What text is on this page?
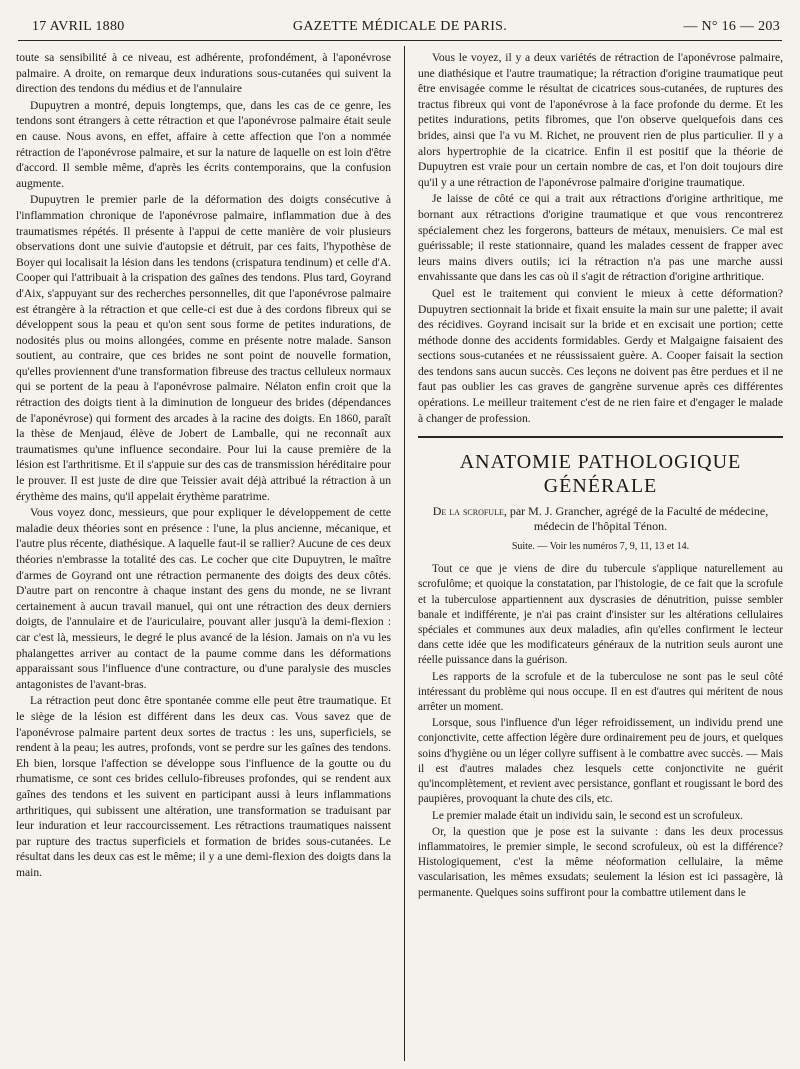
17 AVRIL 1880	GAZETTE MÉDICALE DE PARIS.	— N° 16 — 203

toute sa sensibilité à ce niveau, est adhérente, profondément, à l'aponévrose palmaire. A droite, on remarque deux indurations sous-cutanées qui suivent la direction des tendons du médius et de l'annulaire

Dupuytren a montré, depuis longtemps, que, dans les cas de ce genre, les tendons sont étrangers à cette rétraction et que l'aponévrose palmaire était seule en cause. Nous avons, en effet, affaire à cette affection que l'on a nommée rétraction de l'aponévrose palmaire, et sur la nature de laquelle on est loin d'être d'accord. Il semble même, d'après les écrits contemporains, que la confusion augmente.

Dupuytren le premier parle de la déformation des doigts consécutive à l'inflammation chronique de l'aponévrose palmaire, inflammation due à des traumatismes répétés. Il présente à l'appui de cette manière de voir plusieurs observations dont une suivie d'autopsie et détruit, par ces faits, l'hypothèse de Boyer qui localisait la lésion dans les tendons (crispatura tendinum) et celle d'A. Cooper qui l'attribuait à la crispation des gaînes des tendons. Plus tard, Goyrand d'Aix, s'appuyant sur des recherches personnelles, dit que l'aponévrose palmaire est étrangère à la rétraction et que celle-ci est due à des cordons fibreux qui se développent sous la peau et qu'on sent sous forme de petites indurations, de nodosités plus ou moins allongées, comme en présente notre malade. Sanson soutient, au contraire, que ces brides ne sont point de nouvelle formation, qu'elles proviennent d'une transformation fibreuse des tractus celluleux normaux qui se portent de la peau à l'aponévrose palmaire. Nélaton enfin croit que la rétraction des doigts tient à la diminution de longueur des brides (dépendances de l'aponévrose) qui forment des arcades à la racine des doigts. En 1860, paraît la thèse de Menjaud, élève de Jobert de Lamballe, qui ne reconnaît aux traumatismes qu'une influence secondaire. Pour lui la cause première de la lésion est l'arthritisme. Et il s'appuie sur des cas de transmission héréditaire pour le prouver. Il est juste de dire que Teissier avait déjà attribué la rétraction à un érythème des mains, qu'il appelait érythème paratrime.

Vous voyez donc, messieurs, que pour expliquer le développement de cette maladie deux théories sont en présence : l'une, la plus ancienne, mécanique, et l'autre plus récente, diathésique. A laquelle faut-il se rallier? Aucune de ces deux théories n'embrasse la totalité des cas. Le cocher que cite Dupuytren, le maître d'armes de Goyrand ont une rétraction permanente des doigts des deux côtés. D'autre part on rencontre à chaque instant des gens du monde, ne se livrant certainement à aucun travail manuel, qui ont une rétraction des deux derniers doigts, de l'annulaire et de l'auriculaire, pouvant aller jusqu'à la demi-flexion : car c'est là, messieurs, le degré le plus avancé de la lésion. Jamais on n'a vu les phalangettes arriver au contact de la paume comme dans les déformations apparaissant sous l'influence d'une contracture, ou d'une paralysie des muscles antagonistes de l'avant-bras.

La rétraction peut donc être spontanée comme elle peut être traumatique. Et le siège de la lésion est différent dans les deux cas. Vous savez que de l'aponévrose palmaire partent deux sortes de tractus : les uns, superficiels, se rendent à la peau; les autres, profonds, vont se perdre sur les gaînes des tendons. Eh bien, lorsque l'affection se développe sous l'influence de la goutte ou du rhumatisme, ce sont ces brides cellulo-fibreuses profondes, qui se rendent aux gaînes des tendons et les suivent en participant aussi à leurs inflammations arthritiques, qui subissent une altération, une transformation se traduisant par leur induration et leur raccourcissement. Les rétractions traumatiques naissent par rupture des tractus superficiels et formation de brides sous-cutanées. Le résultat dans les deux cas est le même; il y a une demi-flexion des doigts dans la main.

Vous le voyez, il y a deux variétés de rétraction de l'aponévrose palmaire, une diathésique et l'autre traumatique; la rétraction d'origine traumatique peut être envisagée comme le résultat de cicatrices sous-cutanées, de ruptures des tractus fibreux qui vont de l'aponévrose à la face profonde du derme. Et les petites indurations, petits fibromes, que l'on observe quelquefois dans ces brides, ainsi que l'a vu M. Richet, ne prouvent rien de plus particulier. Il y a alors hypertrophie de la cicatrice. Enfin il est positif que la théorie de Dupuytren est vraie pour un certain nombre de cas, et l'on doit toujours dire qu'il y a une rétraction de l'aponévrose palmaire d'origine traumatique.

Je laisse de côté ce qui a trait aux rétractions d'origine arthritique, me bornant aux rétractions d'origine traumatique et que vous rencontrerez spécialement chez les forgerons, batteurs de métaux, menuisiers. Ce mal est guérissable; il reste stationnaire, quand les malades cessent de frapper avec leurs mains divers outils; ici la rétraction n'a pas une marche aussi envahissante que dans les cas où il s'agit de rétraction d'origine arthritique.

Quel est le traitement qui convient le mieux à cette déformation? Dupuytren sectionnait la bride et fixait ensuite la main sur une palette; il avait des récidives. Goyrand incisait sur la bride et en excisait une portion; cette méthode donne des accidents formidables. Gerdy et Malgaigne faisaient des sections sous-cutanées et ne réussissaient guère. A. Cooper faisait la section des tendons sans aucun succès. Ces leçons ne doivent pas être perdues et il ne faut pas oublier les cas graves de gangrène survenue après ces différentes opérations. Le meilleur traitement c'est de ne rien faire et d'engager le malade à changer de profession.

ANATOMIE PATHOLOGIQUE GÉNÉRALE
De la scrofule, par M. J. Grancher, agrégé de la Faculté de médecine, médecin de l'hôpital Ténon.
Suite. — Voir les numéros 7, 9, 11, 13 et 14.

Tout ce que je viens de dire du tubercule s'applique naturellement au scrofulôme; et quoique la constatation, par l'histologie, de ce fait que la scrofule et la tuberculose appartiennent aux dyscrasies de dénutrition, puisse sembler banale et indifférente, je n'ai pas craint d'insister sur les altérations cellulaires spéciales et communes aux deux maladies, afin qu'elles confirment le lecteur dans cette idée que les modificateurs généraux de la nutrition seuls auront une réelle puissance dans la guérison.

Les rapports de la scrofule et de la tuberculose ne sont pas le seul côté intéressant du problème qui nous occupe. Il en est d'autres qui méritent de nous arrêter un moment.

Lorsque, sous l'influence d'un léger refroidissement, un individu prend une conjonctivite, cette affection légère dure ordinairement peu de jours, et quelques soins d'hygiène ou un léger collyre suffisent à le combattre avec succès. — Mais il est d'autres malades chez lesquels cette conjonctivite ne guérit qu'incomplètement, et revient avec persistance, gonflant et rougissant le bord des paupières, provoquant la chute des cils, etc.

Le premier malade était un individu sain, le second est un scrofuleux.

Or, la question que je pose est la suivante : dans les deux processus inflammatoires, le premier simple, le second scrofuleux, où est la différence? Histologiquement, c'est la même néoformation cellulaire, la même vascularisation, les mêmes exsudats; seulement la lésion est ici passagère, là permanente. Quelques soins suffiront pour la combattre utilement dans le
